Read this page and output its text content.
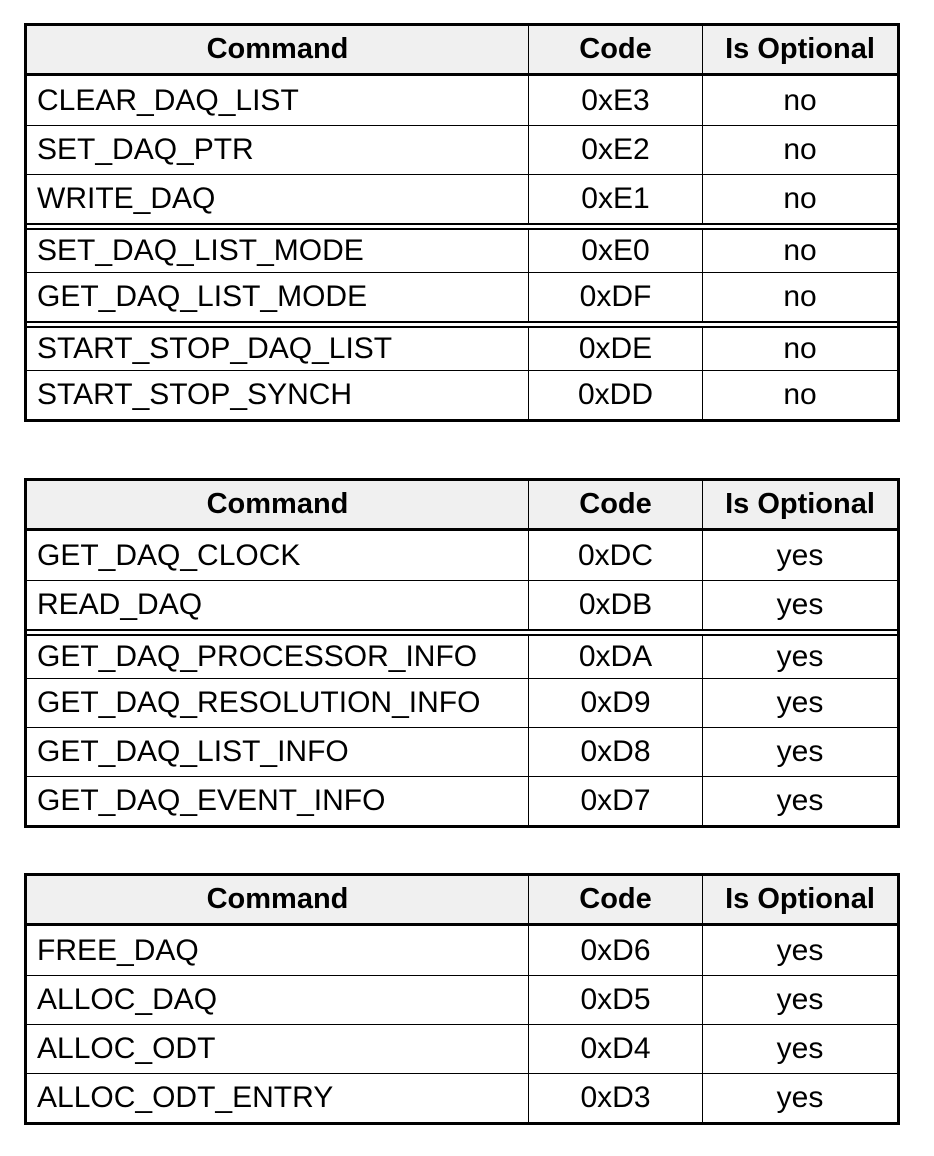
Command	Code	Is Optional
CLEAR_DAQ_LIST	0xE3	no
SET_DAQ_PTR	0xE2	no
WRITE_DAQ	0xE1	no
SET_DAQ_LIST_MODE	0xE0	no
GET_DAQ_LIST_MODE	0xDF	no
START_STOP_DAQ_LIST	0xDE	no
START_STOP_SYNCH	0xDD	no
Command	Code	Is Optional
GET_DAQ_CLOCK	0xDC	yes
READ_DAQ	0xDB	yes
GET_DAQ_PROCESSOR_INFO	0xDA	yes
GET_DAQ_RESOLUTION_INFO	0xD9	yes
GET_DAQ_LIST_INFO	0xD8	yes
GET_DAQ_EVENT_INFO	0xD7	yes
Command	Code	Is Optional
FREE_DAQ	0xD6	yes
ALLOC_DAQ	0xD5	yes
ALLOC_ODT	0xD4	yes
ALLOC_ODT_ENTRY	0xD3	yes
